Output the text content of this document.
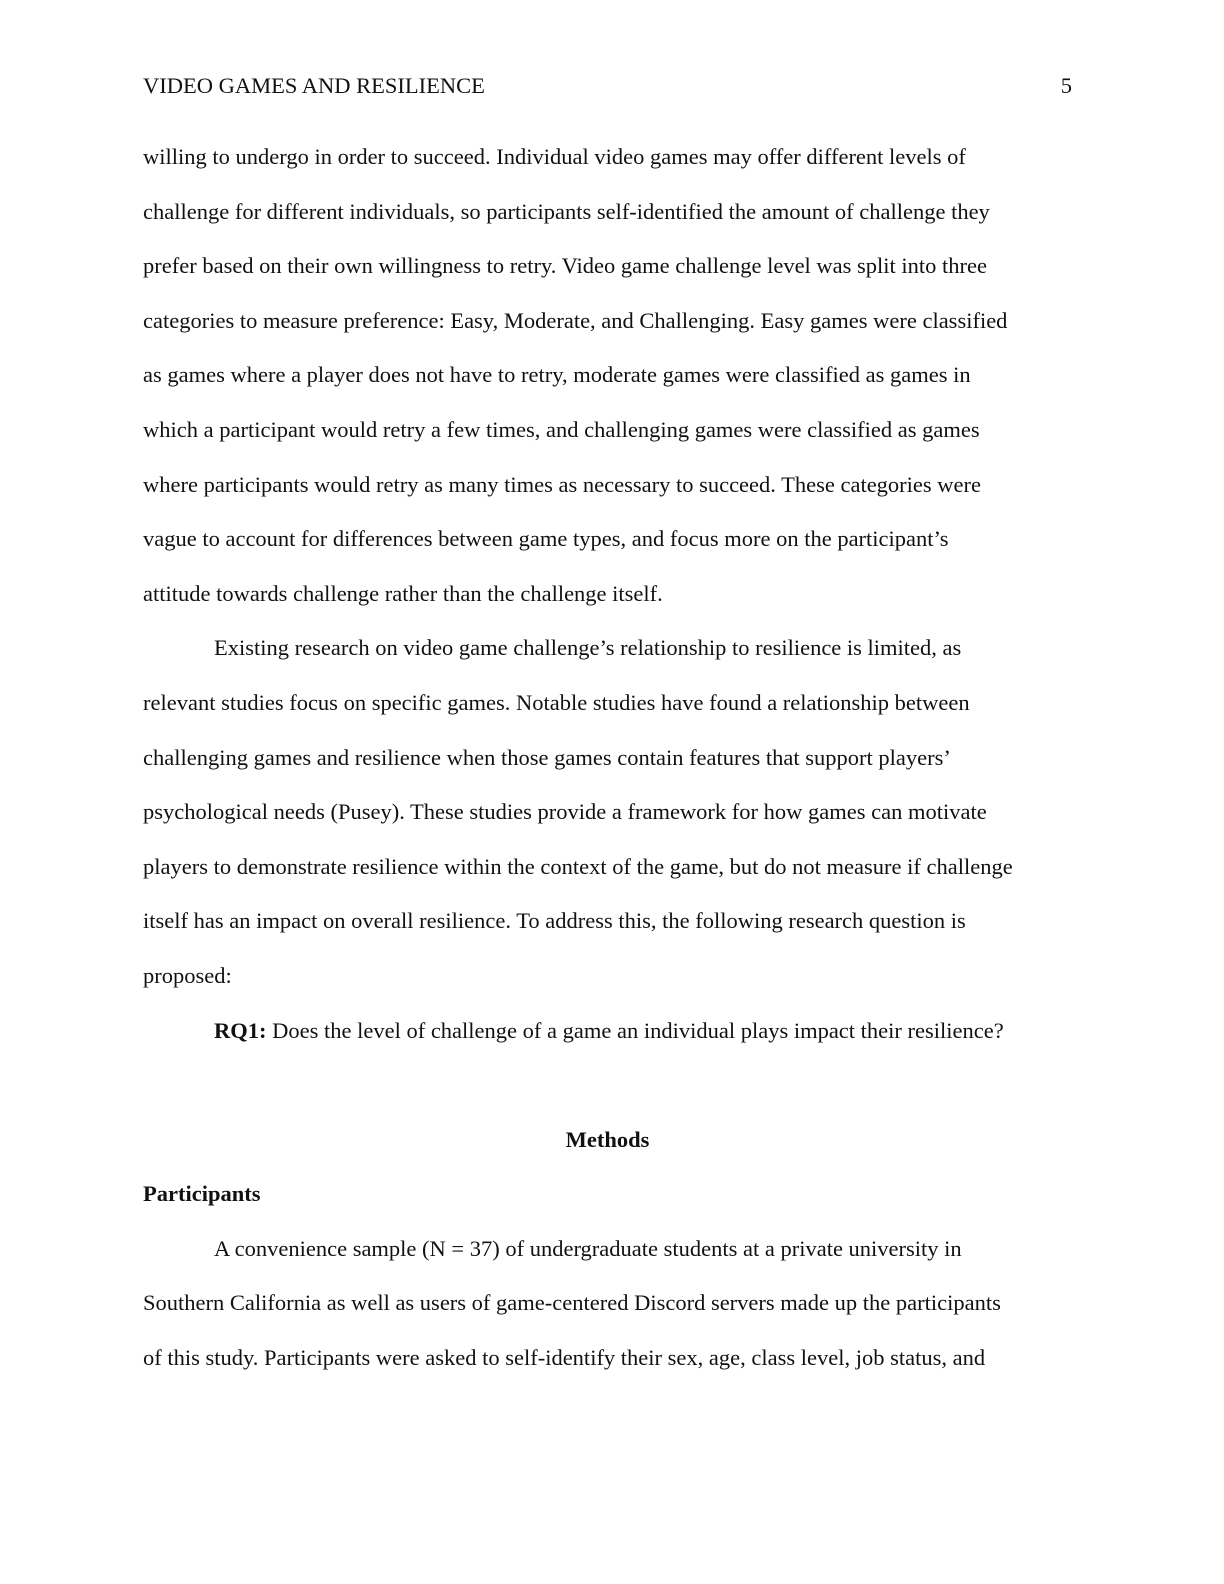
VIDEO GAMES AND RESILIENCE	5
willing to undergo in order to succeed. Individual video games may offer different levels of
challenge for different individuals, so participants self-identified the amount of challenge they
prefer based on their own willingness to retry. Video game challenge level was split into three
categories to measure preference: Easy, Moderate, and Challenging. Easy games were classified
as games where a player does not have to retry, moderate games were classified as games in
which a participant would retry a few times, and challenging games were classified as games
where participants would retry as many times as necessary to succeed. These categories were
vague to account for differences between game types, and focus more on the participant’s
attitude towards challenge rather than the challenge itself.
Existing research on video game challenge’s relationship to resilience is limited, as
relevant studies focus on specific games. Notable studies have found a relationship between
challenging games and resilience when those games contain features that support players’
psychological needs (Pusey). These studies provide a framework for how games can motivate
players to demonstrate resilience within the context of the game, but do not measure if challenge
itself has an impact on overall resilience. To address this, the following research question is
proposed:
RQ1: Does the level of challenge of a game an individual plays impact their resilience?
Methods
Participants
A convenience sample (N = 37) of undergraduate students at a private university in
Southern California as well as users of game-centered Discord servers made up the participants
of this study. Participants were asked to self-identify their sex, age, class level, job status, and
